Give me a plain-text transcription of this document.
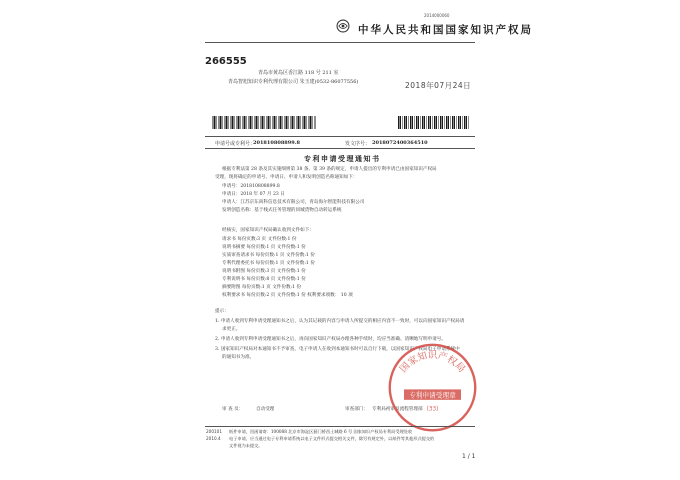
2014000060
中华人民共和国国家知识产权局
266555
青岛市黄岛区香江路 118 号 211 室
青岛智旭知识专利代理有限公司 朱玉建(0532-86077556)	2018年07月24日
申请号或专利号：
201810808899.8	发文序号： 2018072400364510
专利申请受理通知书
根据专利法第 28 条及其实施细则第 38 条、第 39 条的规定，申请人提出的专利申请已由国家知识产权局
受理，现将确定的申请号、申请日、申请人和发明创造名称通知如下：
申请号：201810808899.8
申请日：2018 年 07 月 23 日
申请人：江苏京东尚科信息技术有限公司，青岛海尔智能科技有限公司
发明创造名称：基于栈式任务管理的同城货物自动转运系统
经核实，国家知识产权局确认收到文件如下：
请求书 每份页数:3 页 文件份数:1 份
说明书摘要 每份页数:1 页 文件份数:1 份
实质审查请求书 每份页数:1 页 文件份数:1 份
专利代理委托书 每份页数:1 页 文件份数:1 份
说明书附图 每份页数:3 页 文件份数:1 份
专利说明书 每份页数:8 页 文件份数:1 份
摘要附图 每份页数:1 页 文件份数:1 份
权利要求书 每份页数:2 页 文件份数:1 份 权利要求项数： 10 项
提示：
1. 申请人收到专利申请受理通知书之后，认为其记载的内容与申请人所提交的相应内容不一致时，可以向国家知识产权局请
求更正。
2. 申请人收到专利申请受理通知书之后，再向国家知识产权局办理各种手续时，均应当准确、清晰地写明申请号。
3. 国家知识产权局对本通知书不予审查，电子申请人在收到本通知书时可以自行下载，以国家知识产权局电子申请系统中
的通知书为准。
审 查 员：	自动受理	审查部门： 专利局初审及流程管理部
国家知识产权局
专利申请受理章
(33)
200101
2010.4
纸件申请，回函请寄：100088 北京市海淀区蓟门桥西土城路 6 号 国家知识产权局专利局受理处收
电子申请，应当通过电子专利申请系统以电子文件形式提交相关文件，除另有规定外，以纸件等其他形式提交的
文件视为未提交。
1 / 1
